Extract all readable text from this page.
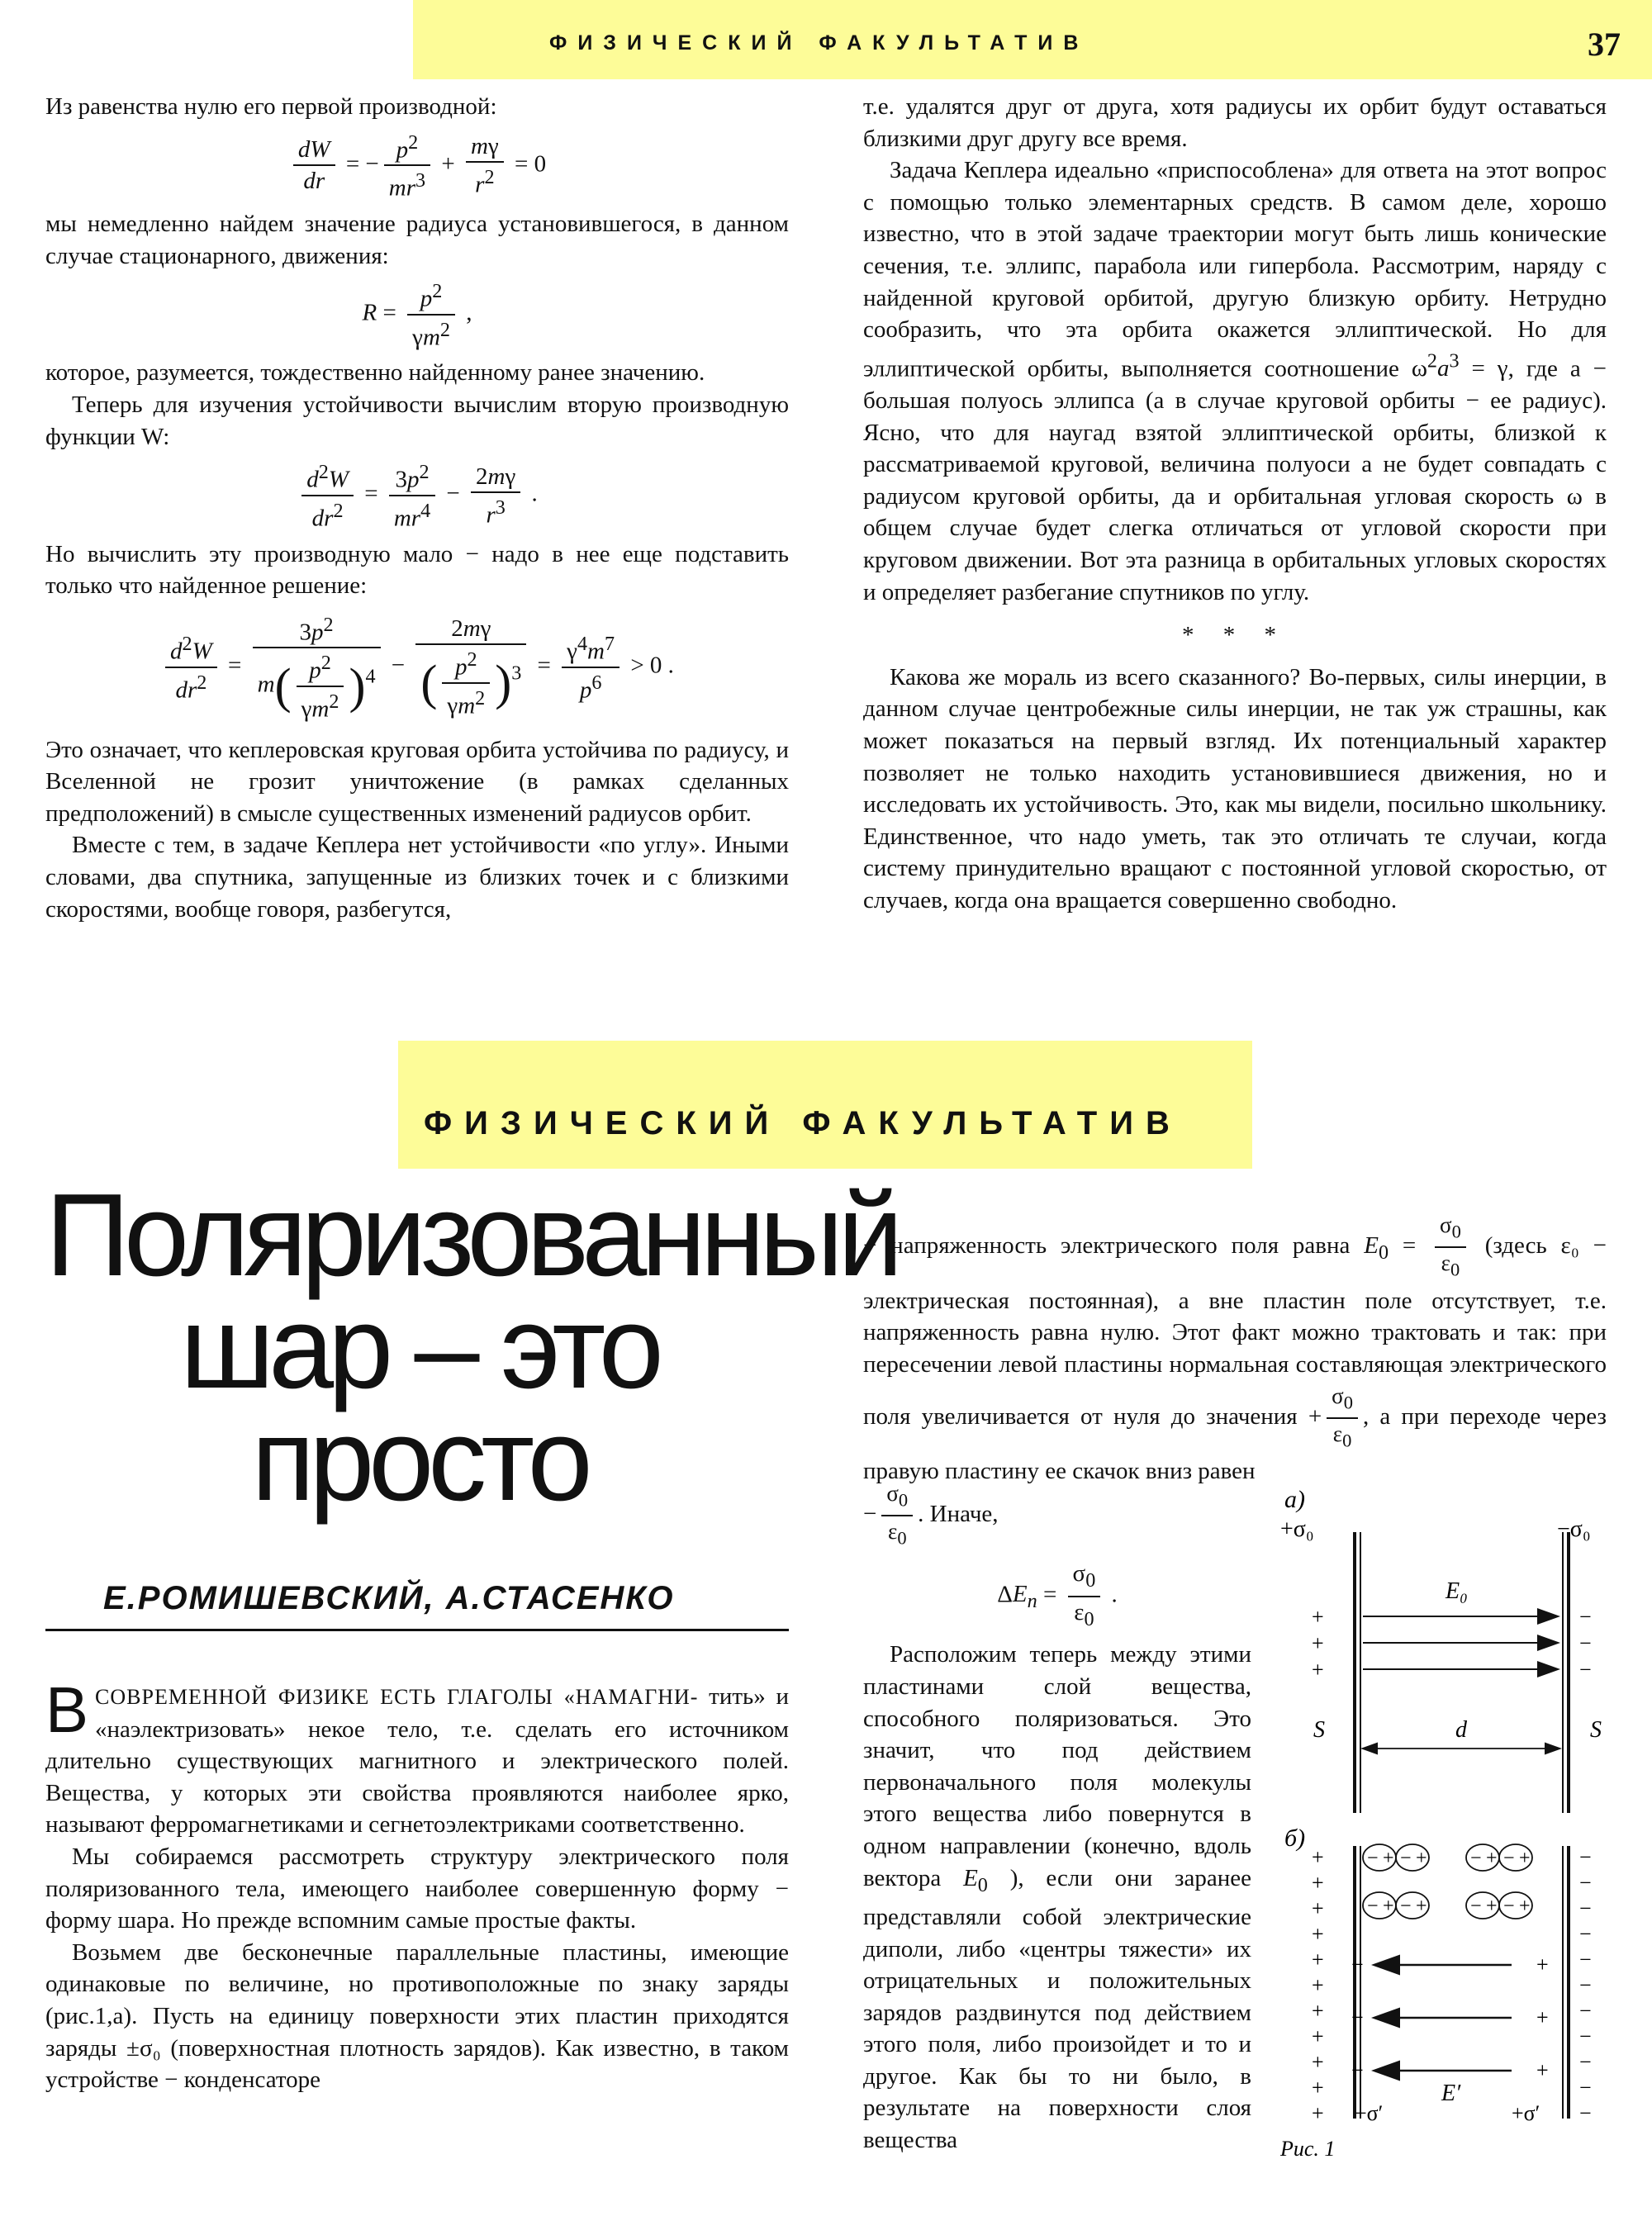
ФИЗИЧЕСКИЙ ФАКУЛЬТАТИВ	37

Из равенства нулю его первой производной:

$\frac{dW}{dr}$ = − $\frac{p^2}{mr^3} + \frac{m\gamma}{r^2} = 0$

мы немедленно найдем значение радиуса установившегося, в данном случае стационарного, движения:

$R = \frac{p^2}{\gamma m^2}$ ,

которое, разумеется, тождественно найденному ранее значению.

Теперь для изучения устойчивости вычислим вторую производную функции W:

$\frac{d^2W}{dr^2} = \frac{3p^2}{mr^4} - \frac{2m\gamma}{r^3}$ .

Но вычислить эту производную мало − надо в нее еще подставить только что найденное решение:

$\frac{d^2W}{dr^2} = \frac{3p^2}{m( \frac{p^2}{\gamma m^2} )^4} - \frac{2m\gamma}{( \frac{p^2}{\gamma m^2} )^3} = \frac{\gamma^4m^7}{p^6} > 0$ .

Это означает, что кеплеровская круговая орбита устойчива по радиусу, и Вселенной не грозит уничтожение (в рамках сделанных предположений) в смысле существенных изменений радиусов орбит.

Вместе с тем, в задаче Кеплера нет устойчивости «по углу». Иными словами, два спутника, запущенные из близких точек и с близкими скоростями, вообще говоря, разбегутся,

т.е. удалятся друг от друга, хотя радиусы их орбит будут оставаться близкими друг другу все время.

Задача Кеплера идеально «приспособлена» для ответа на этот вопрос с помощью только элементарных средств. В самом деле, хорошо известно, что в этой задаче траектории могут быть лишь конические сечения, т.е. эллипс, парабола или гипербола. Рассмотрим, наряду с найденной круговой орбитой, другую близкую орбиту. Нетрудно сообразить, что эта орбита окажется эллиптической. Но для эллиптической орбиты, выполняется соотношение $\omega^2a^3 = \gamma$, где a − большая полуось эллипса (a в случае круговой орбиты − ее радиус). Ясно, что для наугад взятой эллиптической орбиты, близкой к рассматриваемой круговой, величина полуоси a не будет совпадать с радиусом круговой орбиты, да и орбитальная угловая скорость ω в общем случае будет слегка отличаться от угловой скорости при круговом движении. Вот эта разница в орбитальных угловых скоростях и определяет разбегание спутников по углу.

* * *

Какова же мораль из всего сказанного? Во-первых, силы инерции, в данном случае центробежные силы инерции, не так уж страшны, как может показаться на первый взгляд. Их потенциальный характер позволяет не только находить установившиеся движения, но и исследовать их устойчивость. Это, как мы видели, посильно школьнику. Единственное, что надо уметь, так это отличать те случаи, когда систему принудительно вращают с постоянной угловой скоростью, от случаев, когда она вращается совершенно свободно.

ФИЗИЧЕСКИЙ ФАКУЛЬТАТИВ
Поляризованный
шар – это
просто
Е.РОМИШЕВСКИЙ, А.СТАСЕНКО

ВСОВРЕМЕННОЙ ФИЗИКЕ ЕСТЬ ГЛАГОЛЫ «НАМАГНИ- тить» и «наэлектризовать» некое тело, т.е. сделать его источником длительно существующих магнитного и электрического полей. Вещества, у которых эти свойства проявляются наиболее ярко, называют ферромагнетиками и сегнетоэлектриками соответственно.

Мы собираемся рассмотреть структуру электрического поля поляризованного тела, имеющего наиболее совершенную форму − форму шара. Но прежде вспомним самые простые факты.

Возьмем две бесконечные параллельные пластины, имеющие одинаковые по величине, но противоположные по знаку заряды (рис.1,a). Пусть на единицу поверхности этих пластин приходятся заряды ±σ₀ (поверхностная плотность зарядов). Как известно, в таком устройстве − конденсаторе

− напряженность электрического поля равна $E_0 = \frac{\sigma_0}{\varepsilon_0}$ (здесь ε₀ − электрическая постоянная), а вне пластин поле отсутствует, т.е. напряженность равна нулю. Этот факт можно трактовать и так: при пересечении левой пластины нормальная составляющая электрического поля увеличивается от нуля до значения + $\frac{\sigma_0}{\varepsilon_0}$ , а при переходе через правую пластину ее скачок вниз равен

− $\frac{\sigma_0}{\varepsilon_0}$ . Иначе,

$\Delta E_n = \frac{\sigma_0}{\varepsilon_0}$ .

Расположим теперь между этими пластинами слой вещества, способного поляризоваться. Это значит, что под действием первоначального поля молекулы этого вещества либо повернутся в одном направлении (конечно, вдоль вектора $E_0$ ), если они заранее представляли собой электрические диполи, либо «центры тяжести» их отрицательных и положительных зарядов раздвинутся под действием этого поля, либо произойдет и то и другое. Как бы то ни было, в результате на поверхности слоя вещества

a)
+σ₀	−σ₀
E₀
+
+
+
−
−
−
S	S
d
б)
+
+
+
+
+
+
+
+
+
+
+
−
−
−
−
−
−
−
−
−
−
−
− + − + − + − +
− + − + − + − +
−	+
−	+
−	+
E′
−σ′	+σ′
Рис. 1
